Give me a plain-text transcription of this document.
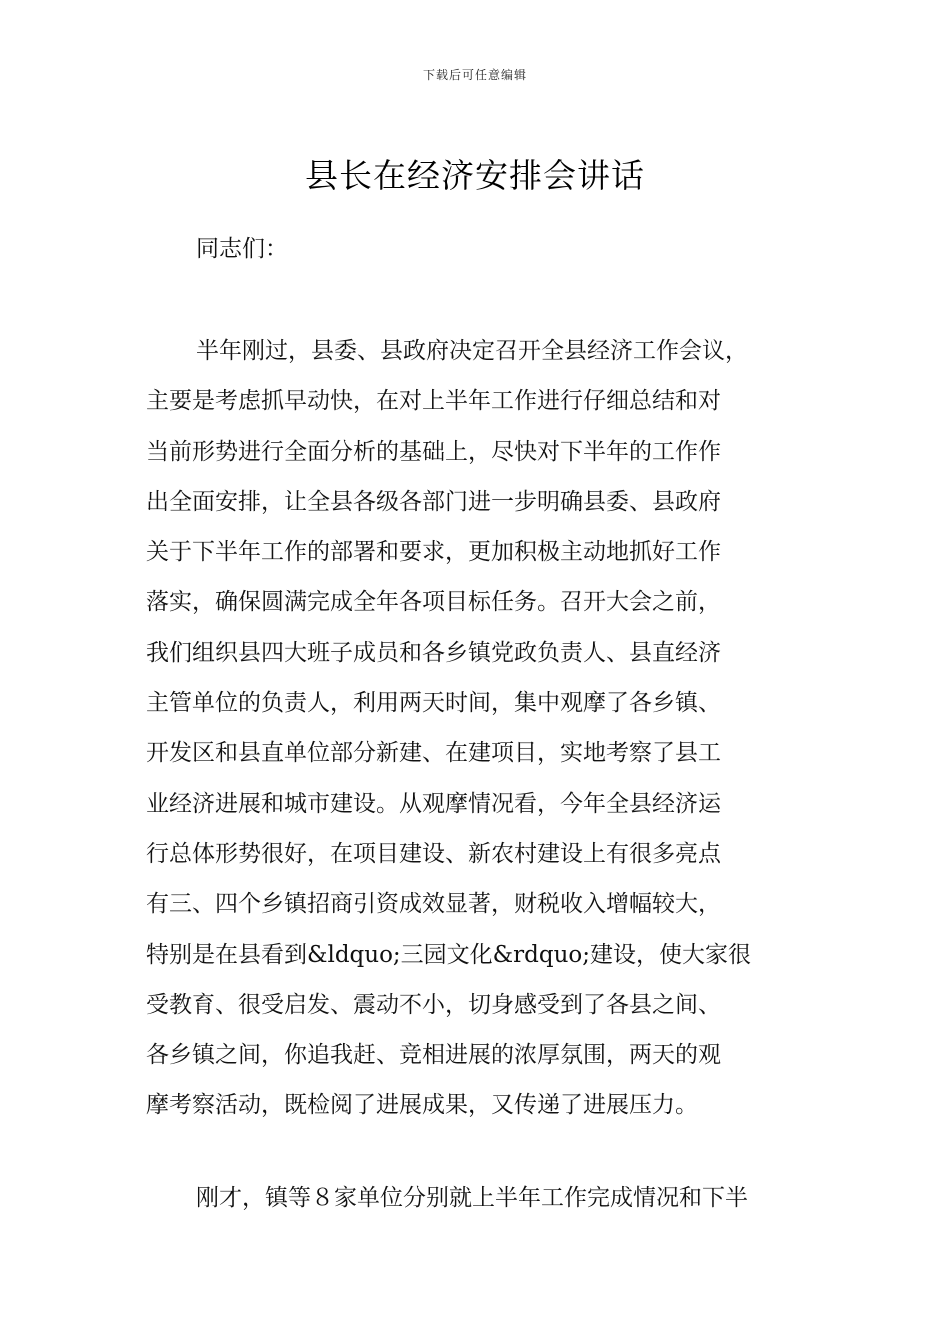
下载后可任意编辑
县长在经济安排会讲话

同志们：

半年刚过，县委、县政府决定召开全县经济工作会议，
主要是考虑抓早动快，在对上半年工作进行仔细总结和对
当前形势进行全面分析的基础上，尽快对下半年的工作作
出全面安排，让全县各级各部门进一步明确县委、县政府
关于下半年工作的部署和要求，更加积极主动地抓好工作
落实，确保圆满完成全年各项目标任务。召开大会之前，
我们组织县四大班子成员和各乡镇党政负责人、县直经济
主管单位的负责人，利用两天时间，集中观摩了各乡镇、
开发区和县直单位部分新建、在建项目，实地考察了县工
业经济进展和城市建设。从观摩情况看，今年全县经济运
行总体形势很好，在项目建设、新农村建设上有很多亮点
有三、四个乡镇招商引资成效显著，财税收入增幅较大，
特别是在县看到&ldquo;三园文化&rdquo;建设，使大家很
受教育、很受启发、震动不小，切身感受到了各县之间、
各乡镇之间，你追我赶、竞相进展的浓厚氛围，两天的观
摩考察活动，既检阅了进展成果，又传递了进展压力。

刚才，镇等８家单位分别就上半年工作完成情况和下半
